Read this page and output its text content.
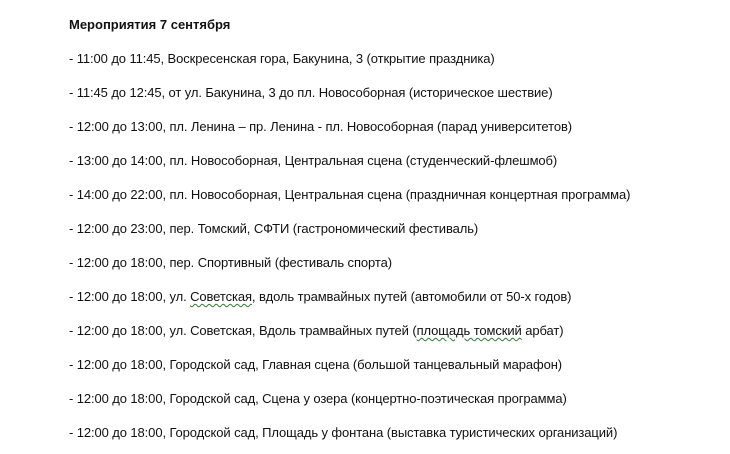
Мероприятия 7 сентября
- 11:00 до 11:45, Воскресенская гора, Бакунина, 3 (открытие праздника)
- 11:45 до 12:45, от ул. Бакунина, 3 до пл. Новособорная (историческое шествие)
- 12:00 до 13:00, пл. Ленина – пр. Ленина - пл. Новособорная (парад университетов)
- 13:00 до 14:00, пл. Новособорная, Центральная сцена (студенческий-флешмоб)
- 14:00 до 22:00, пл. Новособорная, Центральная сцена (праздничная концертная программа)
- 12:00 до 23:00, пер. Томский, СФТИ (гастрономический фестиваль)
- 12:00 до 18:00, пер. Спортивный (фестиваль спорта)
- 12:00 до 18:00, ул. Советская, вдоль трамвайных путей (автомобили от 50-х годов)
- 12:00 до 18:00, ул. Советская, Вдоль трамвайных путей (площадь томский арбат)
- 12:00 до 18:00, Городской сад, Главная сцена (большой танцевальный марафон)
- 12:00 до 18:00, Городской сад, Сцена у озера (концертно-поэтическая программа)
- 12:00 до 18:00, Городской сад, Площадь у фонтана (выставка туристических организаций)
